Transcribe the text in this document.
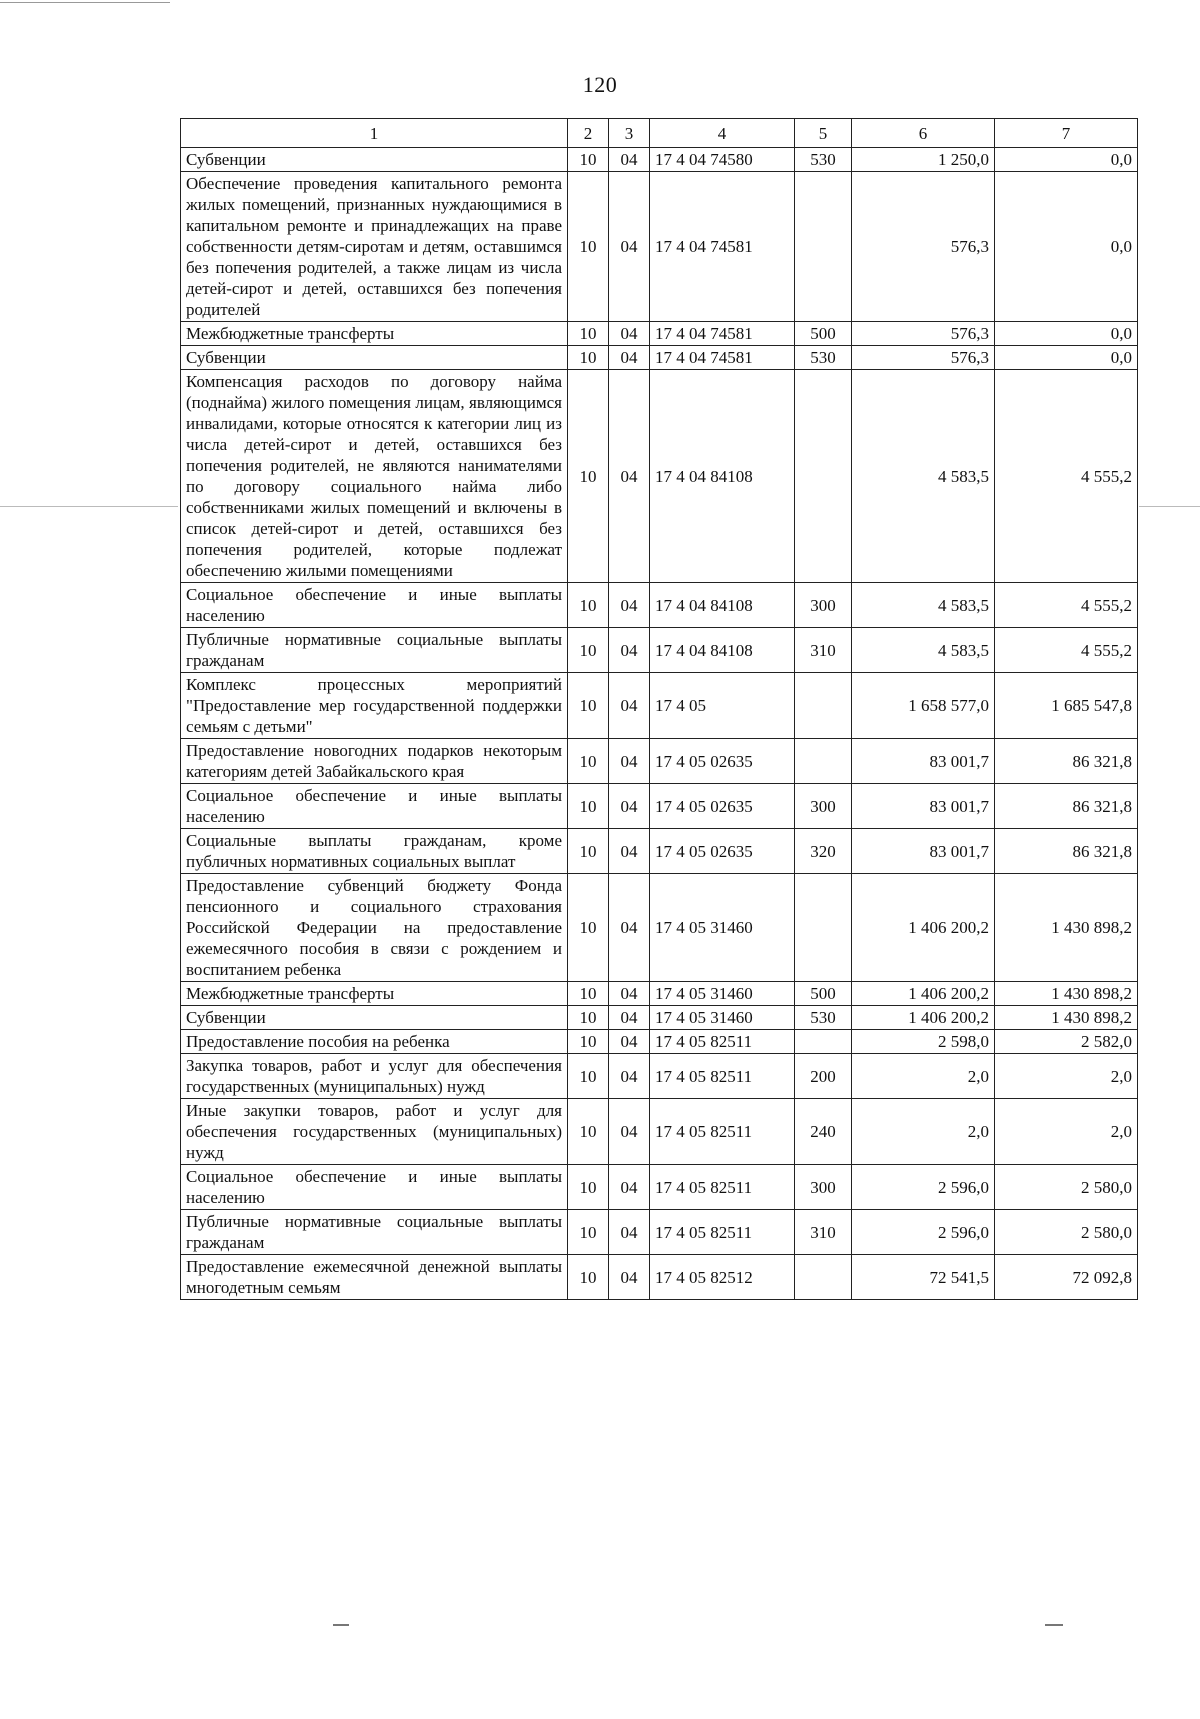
120
1	2	3	4	5	6	7
Субвенции	10	04	17 4 04 74580	530	1 250,0	0,0
Обеспечение проведения капитального ремонта жилых помещений, признанных нуждающимися в капитальном ремонте и принадлежащих на праве собственности детям-сиротам и детям, оставшимся без попечения родителей, а также лицам из числа детей-сирот и детей, оставшихся без попечения родителей	10	04	17 4 04 74581		576,3	0,0
Межбюджетные трансферты	10	04	17 4 04 74581	500	576,3	0,0
Субвенции	10	04	17 4 04 74581	530	576,3	0,0
Компенсация расходов по договору найма (поднайма) жилого помещения лицам, являющимся инвалидами, которые относятся к категории лиц из числа детей-сирот и детей, оставшихся без попечения родителей, не являются нанимателями по договору социального найма либо собственниками жилых помещений и включены в список детей-сирот и детей, оставшихся без попечения родителей, которые подлежат обеспечению жилыми помещениями	10	04	17 4 04 84108		4 583,5	4 555,2
Социальное обеспечение и иные выплаты населению	10	04	17 4 04 84108	300	4 583,5	4 555,2
Публичные нормативные социальные выплаты гражданам	10	04	17 4 04 84108	310	4 583,5	4 555,2
Комплекс процессных мероприятий "Предоставление мер государственной поддержки семьям с детьми"	10	04	17 4 05		1 658 577,0	1 685 547,8
Предоставление новогодних подарков некоторым категориям детей Забайкальского края	10	04	17 4 05 02635		83 001,7	86 321,8
Социальное обеспечение и иные выплаты населению	10	04	17 4 05 02635	300	83 001,7	86 321,8
Социальные выплаты гражданам, кроме публичных нормативных социальных выплат	10	04	17 4 05 02635	320	83 001,7	86 321,8
Предоставление субвенций бюджету Фонда пенсионного и социального страхования Российской Федерации на предоставление ежемесячного пособия в связи с рождением и воспитанием ребенка	10	04	17 4 05 31460		1 406 200,2	1 430 898,2
Межбюджетные трансферты	10	04	17 4 05 31460	500	1 406 200,2	1 430 898,2
Субвенции	10	04	17 4 05 31460	530	1 406 200,2	1 430 898,2
Предоставление пособия на ребенка	10	04	17 4 05 82511		2 598,0	2 582,0
Закупка товаров, работ и услуг для обеспечения государственных (муниципальных) нужд	10	04	17 4 05 82511	200	2,0	2,0
Иные закупки товаров, работ и услуг для обеспечения государственных (муниципальных) нужд	10	04	17 4 05 82511	240	2,0	2,0
Социальное обеспечение и иные выплаты населению	10	04	17 4 05 82511	300	2 596,0	2 580,0
Публичные нормативные социальные выплаты гражданам	10	04	17 4 05 82511	310	2 596,0	2 580,0
Предоставление ежемесячной денежной выплаты многодетным семьям	10	04	17 4 05 82512		72 541,5	72 092,8
